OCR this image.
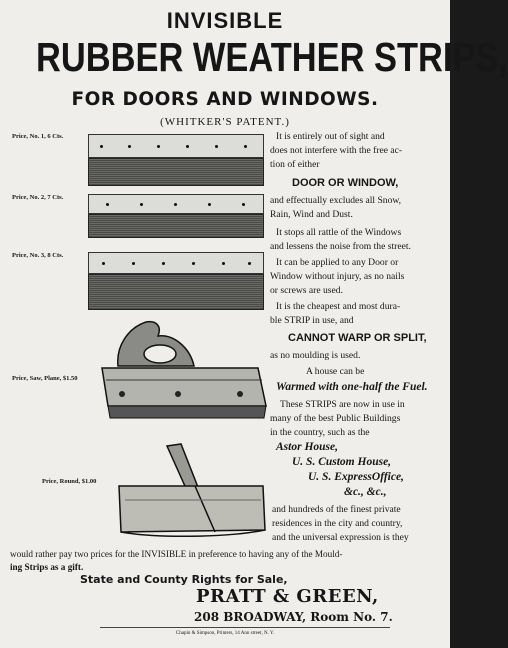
INVISIBLE
RUBBER WEATHER STRIPS,
FOR DOORS AND WINDOWS.
(WHITKER'S PATENT.)
Price, No. 1, 6 Cts.
Price, No. 2, 7 Cts.
Price, No. 3, 8 Cts.
Price, Saw, Plane, $1.50
Price, Round, $1.00
It is entirely out of sight and
does not interfere with the free ac-
tion of either
DOOR OR WINDOW,
and effectually excludes all Snow,
Rain, Wind and Dust.
It stops all rattle of the Windows
and lessens the noise from the street.
It can be applied to any Door or
Window without injury, as no nails
or screws are used.
It is the cheapest and most dura-
ble STRIP in use, and
CANNOT WARP OR SPLIT,
as no moulding is used.
A house can be
Warmed with one-half the Fuel.
These STRIPS are now in use in
many of the best Public Buildings
in the country, such as the
Astor House,
U. S. Custom House,
U. S. ExpressOffice,
&c., &c.,
and hundreds of the finest private
residences in the city and country,
and the universal expression is they
would rather pay two prices for the INVISIBLE in preference to having any of the Mould-
ing Strips as a gift.
State and County Rights for Sale,
PRATT & GREEN,
208 BROADWAY, Room No. 7.
Chapin & Simpson, Printers, 14 Ann street, N. Y.
